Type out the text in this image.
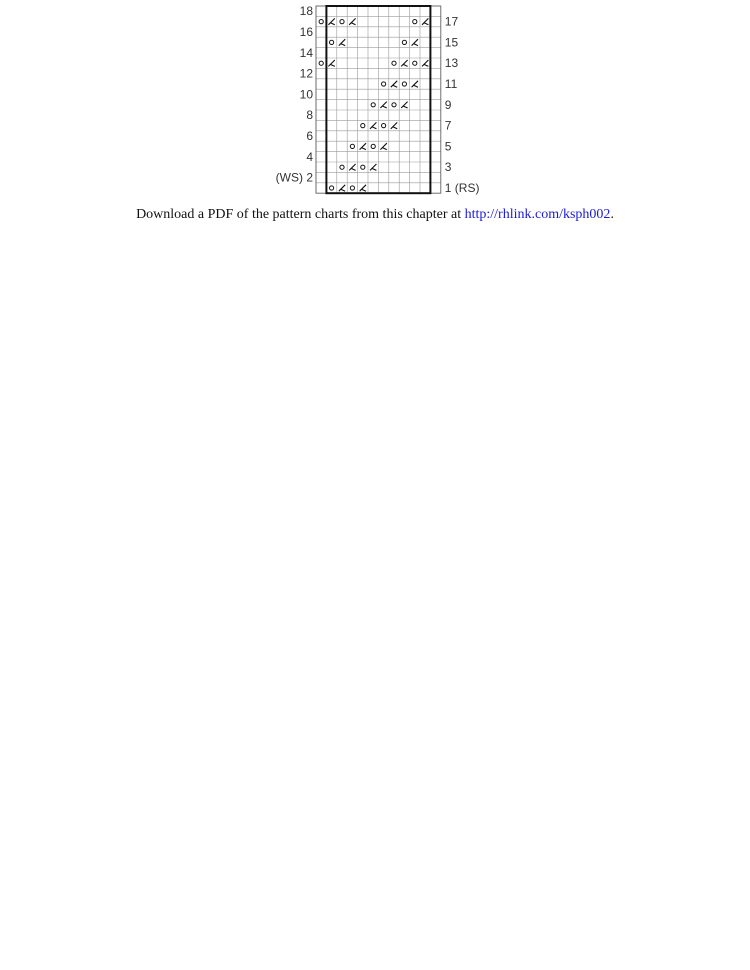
18
16
14
12
10
8
6
4
(WS) 2
17
15
13
11
9
7
5
3
1 (RS)
Download a PDF of the pattern charts from this chapter at http://rhlink.com/ksph002.
